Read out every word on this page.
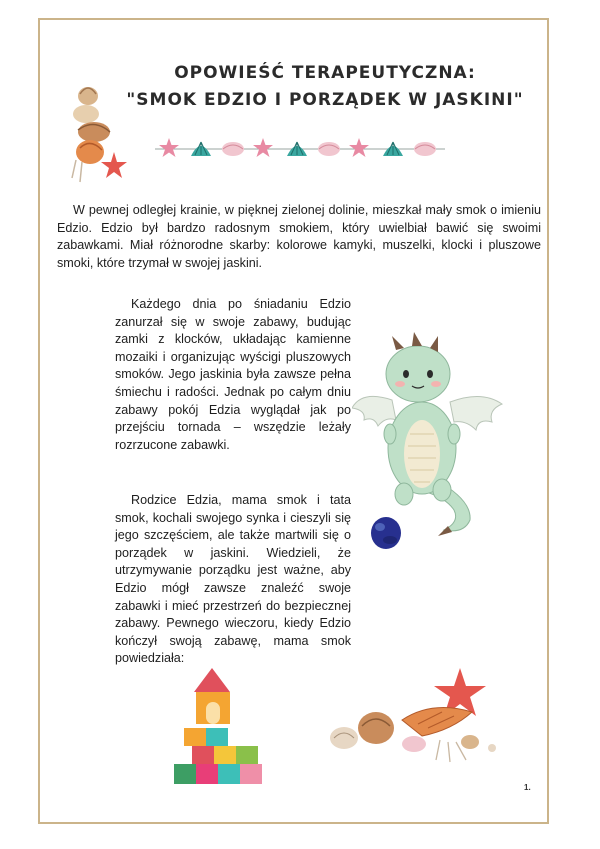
OPOWIEŚĆ TERAPEUTYCZNA:
"SMOK EDZIO I PORZĄDEK W JASKINI"

W pewnej odległej krainie, w pięknej zielonej dolinie, mieszkał mały smok o imieniu Edzio. Edzio był bardzo radosnym smokiem, który uwielbiał bawić się swoimi zabawkami. Miał różnorodne skarby: kolorowe kamyki, muszelki, klocki i pluszowe smoki, które trzymał w swojej jaskini.

Każdego dnia po śniadaniu Edzio zanurzał się w swoje zabawy, budując zamki z klocków, układając kamienne mozaiki i organizując wyścigi pluszowych smoków. Jego jaskinia była zawsze pełna śmiechu i radości. Jednak po całym dniu zabawy pokój Edzia wyglądał jak po przejściu tornada – wszędzie leżały rozrzucone zabawki.

Rodzice Edzia, mama smok i tata smok, kochali swojego synka i cieszyli się jego szczęściem, ale także martwili się o porządek w jaskini. Wiedzieli, że utrzymywanie porządku jest ważne, aby Edzio mógł zawsze znaleźć swoje zabawki i mieć przestrzeń do bezpiecznej zabawy. Pewnego wieczoru, kiedy Edzio kończył swoją zabawę, mama smok powiedziała:

1.
